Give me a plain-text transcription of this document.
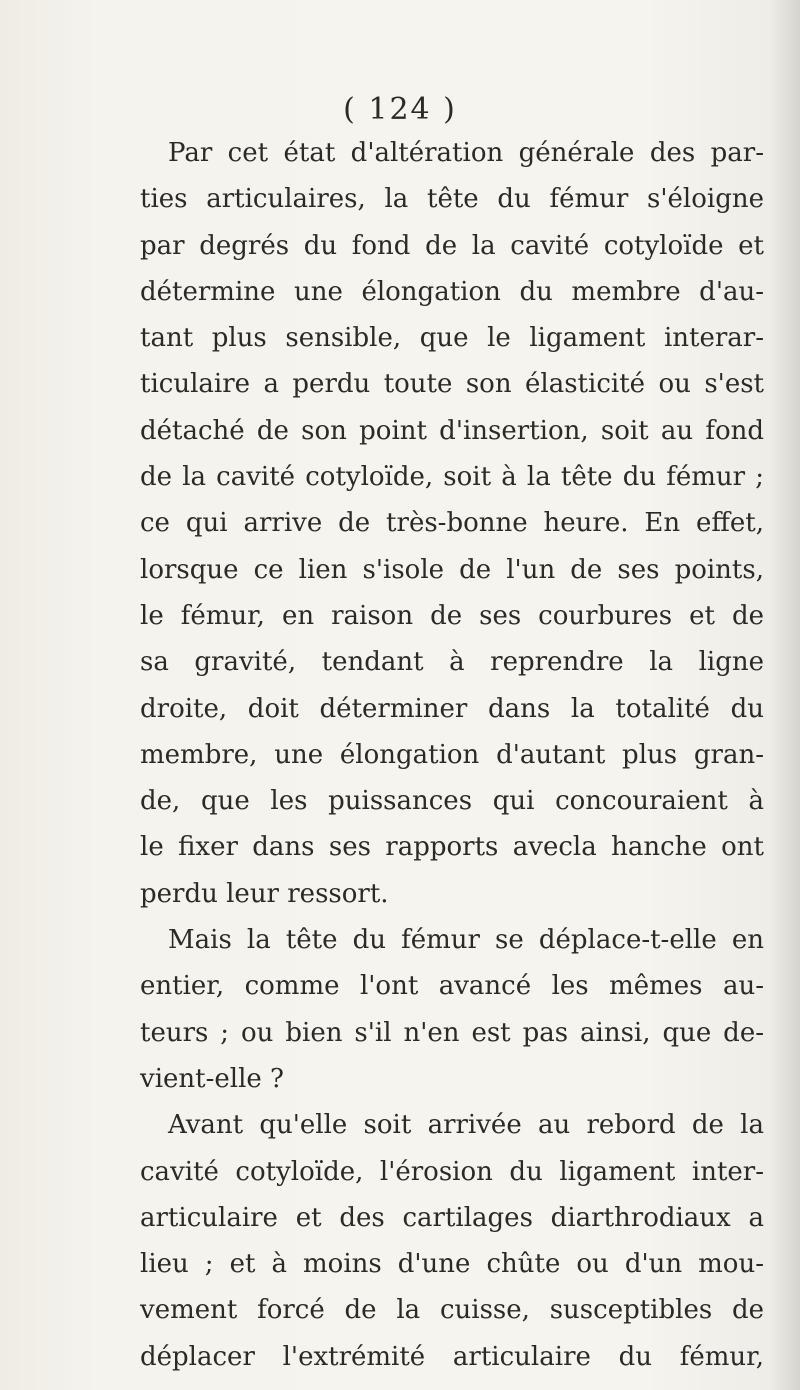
( 124 )
Par cet état d'altération générale des par-
ties articulaires, la tête du fémur s'éloigne
par degrés du fond de la cavité cotyloïde et
détermine une élongation du membre d'au-
tant plus sensible, que le ligament interar-
ticulaire a perdu toute son élasticité ou s'est
détaché de son point d'insertion, soit au fond
de la cavité cotyloïde, soit à la tête du fémur ;
ce qui arrive de très-bonne heure. En effet,
lorsque ce lien s'isole de l'un de ses points,
le fémur, en raison de ses courbures et de
sa gravité, tendant à reprendre la ligne
droite, doit déterminer dans la totalité du
membre, une élongation d'autant plus gran-
de, que les puissances qui concouraient à
le fixer dans ses rapports avecla hanche ont
perdu leur ressort.
Mais la tête du fémur se déplace-t-elle en
entier, comme l'ont avancé les mêmes au-
teurs ; ou bien s'il n'en est pas ainsi, que de-
vient-elle ?
Avant qu'elle soit arrivée au rebord de la
cavité cotyloïde, l'érosion du ligament inter-
articulaire et des cartilages diarthrodiaux a
lieu ; et à moins d'une chûte ou d'un mou-
vement forcé de la cuisse, susceptibles de
déplacer l'extrémité articulaire du fémur,
